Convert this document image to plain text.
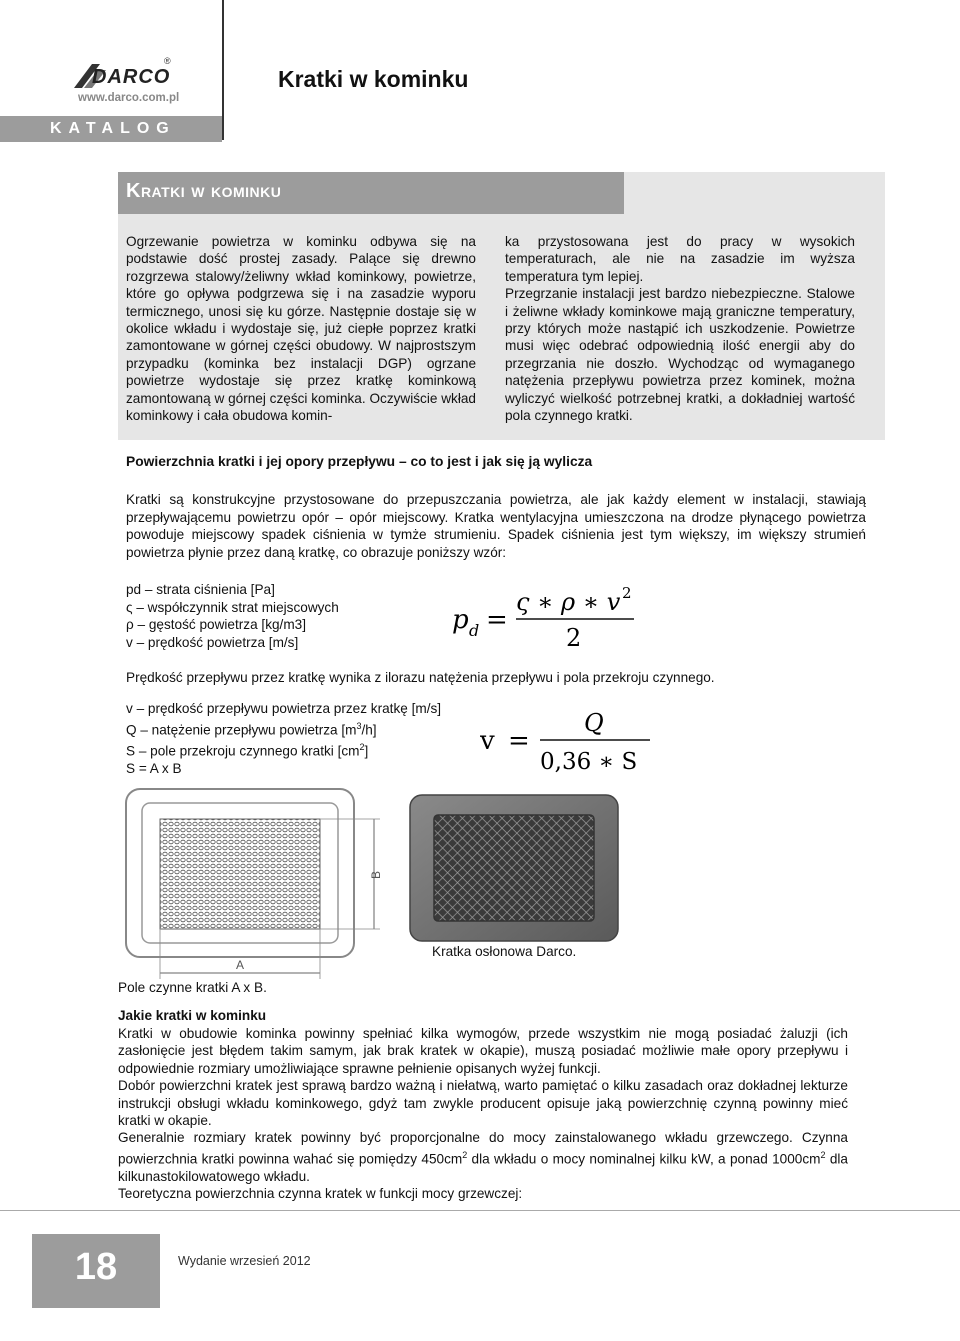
DARCO
®
www.darco.com.pl
Kratki w kominku
KATALOG
Kratki w kominku

Ogrzewanie powietrza w kominku odbywa się na podstawie dość prostej zasady. Palące się drewno rozgrzewa stalowy/żeliwny wkład kominkowy, powietrze, które go opływa podgrzewa się i na zasadzie wyporu termicznego, unosi się ku górze. Następnie dostaje się w okolice wkładu i wydostaje się, już ciepłe poprzez kratki zamontowane w górnej części obudowy. W najprostszym przypadku (kominka bez instalacji DGP) ogrzane powietrze wydostaje się przez kratkę kominkową zamontowaną w górnej części kominka. Oczywiście wkład kominkowy i cała obudowa komin-

ka przystosowana jest do pracy w wysokich temperaturach, ale nie na zasadzie im wyższa temperatura tym lepiej.

Przegrzanie instalacji jest bardzo niebezpieczne. Stalowe i żeliwne wkłady kominkowe mają graniczne temperatury, przy których może nastąpić ich uszkodzenie. Powietrze musi więc odebrać odpowiednią ilość energii aby do przegrzania nie doszło. Wychodząc od wymaganego natężenia przepływu powietrza przez kominek, można wyliczyć wielkość potrzebnej kratki, a dokładniej wartość pola czynnego kratki.

Powierzchnia kratki i jej opory przepływu – co to jest i jak się ją wylicza

Kratki są konstrukcyjne przystosowane do przepuszczania powietrza, ale jak każdy element w instalacji, stawiają przepływającemu powietrzu opór – opór miejscowy. Kratka wentylacyjna umieszczona na drodze płynącego powietrza powoduje miejscowy spadek ciśnienia w tymże strumieniu. Spadek ciśnienia jest tym większy, im większy strumień powietrza płynie przez daną kratkę, co obrazuje poniższy wzór:

pd – strata ciśnienia [Pa]

ς – współczynnik strat miejscowych

ρ – gęstość powietrza [kg/m3]

v – prędkość powietrza [m/s]

p d =
ς ∗ ρ ∗ v 2
2
Prędkość przepływu przez kratkę wynika z ilorazu natężenia przepływu i pola przekroju czynnego.

v – prędkość przepływu powietrza przez kratkę [m/s]

Q – natężenie przepływu powietrza $[m^3/h]$

S – pole przekroju czynnego kratki $[cm^2]$

S = A x B

v =
Q
0,36 ∗ S
B
A
Pole czynne kratki A x B.
Kratka osłonowa Darco.
Jakie kratki w kominku

Kratki w obudowie kominka powinny spełniać kilka wymogów, przede wszystkim nie mogą posiadać żaluzji (ich zasłonięcie jest błędem takim samym, jak brak kratek w okapie), muszą posiadać możliwie małe opory przepływu i odpowiednie rozmiary umożliwiające sprawne pełnienie opisanych wyżej funkcji.

Dobór powierzchni kratek jest sprawą bardzo ważną i niełatwą, warto pamiętać o kilku zasadach oraz dokładnej lekturze instrukcji obsługi wkładu kominkowego, gdyż tam zwykle producent opisuje jaką powierzchnię czynną powinny mieć kratki w okapie.

Generalnie rozmiary kratek powinny być proporcjonalne do mocy zainstalowanego wkładu grzewczego. Czynna powierzchnia kratki powinna wahać się pomiędzy $450cm^2$ dla wkładu o mocy nominalnej kilku kW, a ponad $1000cm^2$ dla kilkunastokilowatowego wkładu.

Teoretyczna powierzchnia czynna kratek w funkcji mocy grzewczej:

18	Wydanie wrzesień 2012
